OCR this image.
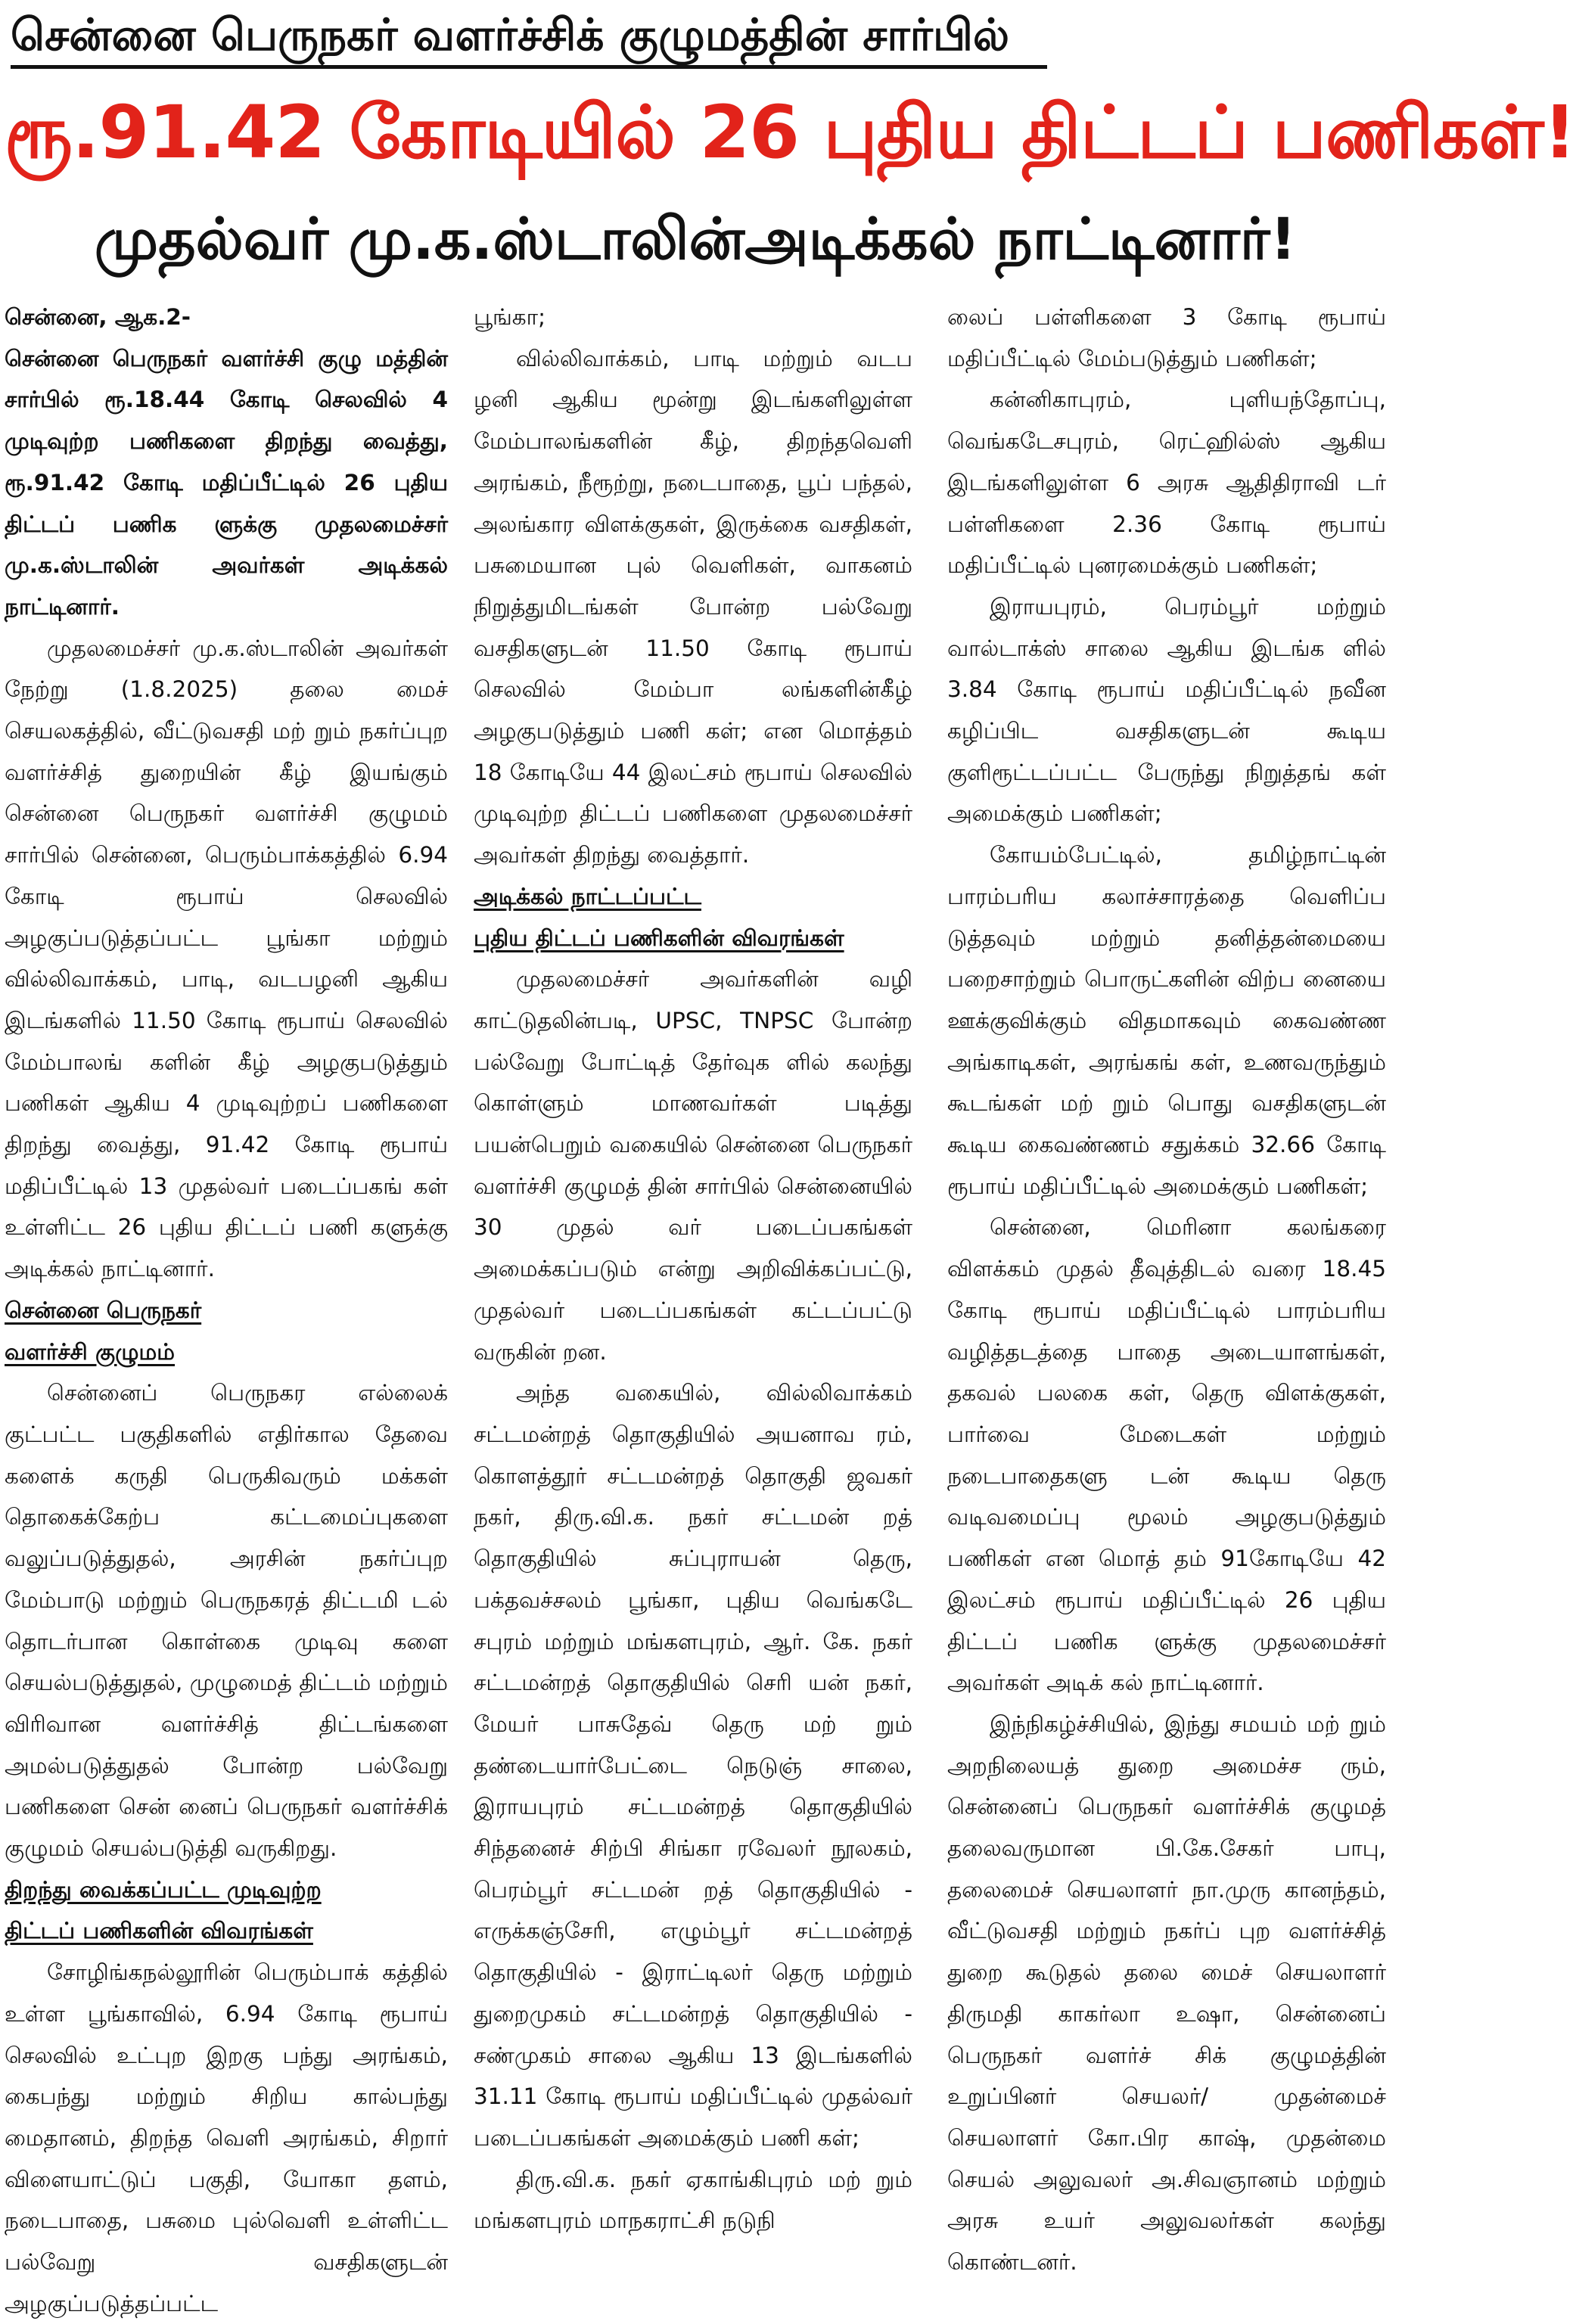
சென்னை பெருநகர் வளர்ச்சிக் குழுமத்தின் சார்பில்
ரூ.91.42 கோடியில் 26 புதிய திட்டப் பணிகள்!
முதல்வர் மு.க.ஸ்டாலின்அடிக்கல் நாட்டினார்!

சென்னை, ஆக.2-

சென்னை பெருநகர் வளர்ச்சி குழு மத்தின் சார்பில் ரூ.18.44 கோடி செலவில் 4 முடிவுற்ற பணிகளை திறந்து வைத்து, ரூ.91.42 கோடி மதிப்பீட்டில் 26 புதிய திட்டப் பணிக ளுக்கு முதலமைச்சர் மு.க.ஸ்டாலின் அவர்கள் அடிக்கல் நாட்டினார்.

முதலமைச்சர் மு.க.ஸ்டாலின் அவர்கள் நேற்று (1.8.2025) தலை மைச் செயலகத்தில், வீட்டுவசதி மற் றும் நகர்ப்புற வளர்ச்சித் துறையின் கீழ் இயங்கும் சென்னை பெருநகர் வளர்ச்சி குழுமம் சார்பில் சென்னை, பெரும்பாக்கத்தில் 6.94 கோடி ரூபாய் செலவில் அழகுப்படுத்தப்பட்ட பூங்கா மற்றும் வில்லிவாக்கம், பாடி, வடபழனி ஆகிய இடங்களில் 11.50 கோடி ரூபாய் செலவில் மேம்பாலங் களின் கீழ் அழகுபடுத்தும் பணிகள் ஆகிய 4 முடிவுற்றப் பணிகளை திறந்து வைத்து, 91.42 கோடி ரூபாய் மதிப்பீட்டில் 13 முதல்வர் படைப்பகங் கள் உள்ளிட்ட 26 புதிய திட்டப் பணி களுக்கு அடிக்கல் நாட்டினார்.

சென்னை பெருநகர்
வளர்ச்சி குழுமம்

சென்னைப் பெருநகர எல்லைக் குட்பட்ட பகுதிகளில் எதிர்கால தேவை களைக் கருதி பெருகிவரும் மக்கள் தொகைக்கேற்ப கட்டமைப்புகளை வலுப்படுத்துதல், அரசின் நகர்ப்புற மேம்பாடு மற்றும் பெருநகரத் திட்டமி டல் தொடர்பான கொள்கை முடிவு களை செயல்படுத்துதல், முழுமைத் திட்டம் மற்றும் விரிவான வளர்ச்சித் திட்டங்களை அமல்படுத்துதல் போன்ற பல்வேறு பணிகளை சென் னைப் பெருநகர் வளர்ச்சிக் குழுமம் செயல்படுத்தி வருகிறது.

திறந்து வைக்கப்பட்ட முடிவுற்ற
திட்டப் பணிகளின் விவரங்கள்

சோழிங்கநல்லூரின் பெரும்பாக் கத்தில் உள்ள பூங்காவில், 6.94 கோடி ரூபாய் செலவில் உட்புற இறகு பந்து அரங்கம், கைபந்து மற்றும் சிறிய கால்பந்து மைதானம், திறந்த வெளி அரங்கம், சிறார் விளையாட்டுப் பகுதி, யோகா தளம், நடைபாதை, பசுமை புல்வெளி உள்ளிட்ட பல்வேறு வசதிகளுடன் அழகுப்படுத்தப்பட்ட

பூங்கா;

வில்லிவாக்கம், பாடி மற்றும் வடப ழனி ஆகிய மூன்று இடங்களிலுள்ள மேம்பாலங்களின் கீழ், திறந்தவெளி அரங்கம், நீரூற்று, நடைபாதை, பூப் பந்தல், அலங்கார விளக்குகள், இருக்கை வசதிகள், பசுமையான புல் வெளிகள், வாகனம் நிறுத்துமிடங்கள் போன்ற பல்வேறு வசதிகளுடன் 11.50 கோடி ரூபாய் செலவில் மேம்பா லங்களின்கீழ் அழகுபடுத்தும் பணி கள்; என மொத்தம் 18 கோடியே 44 இலட்சம் ரூபாய் செலவில் முடிவுற்ற திட்டப் பணிகளை முதலமைச்சர் அவர்கள் திறந்து வைத்தார்.

அடிக்கல் நாட்டப்பட்ட
புதிய திட்டப் பணிகளின் விவரங்கள்

முதலமைச்சர் அவர்களின் வழி காட்டுதலின்படி, UPSC, TNPSC போன்ற பல்வேறு போட்டித் தேர்வுக ளில் கலந்து கொள்ளும் மாணவர்கள் படித்து பயன்பெறும் வகையில் சென்னை பெருநகர் வளர்ச்சி குழுமத் தின் சார்பில் சென்னையில் 30 முதல் வர் படைப்பகங்கள் அமைக்கப்படும் என்று அறிவிக்கப்பட்டு, முதல்வர் படைப்பகங்கள் கட்டப்பட்டு வருகின் றன.

அந்த வகையில், வில்லிவாக்கம் சட்டமன்றத் தொகுதியில் அயனாவ ரம், கொளத்தூர் சட்டமன்றத் தொகுதி ஜவகர் நகர், திரு.வி.க. நகர் சட்டமன் றத் தொகுதியில் சுப்புராயன் தெரு, பக்தவச்சலம் பூங்கா, புதிய வெங்கடே சபுரம் மற்றும் மங்களபுரம், ஆர். கே. நகர் சட்டமன்றத் தொகுதியில் செரி யன் நகர், மேயர் பாசுதேவ் தெரு மற் றும் தண்டையார்பேட்டை நெடுஞ் சாலை, இராயபுரம் சட்டமன்றத் தொகுதியில் சிந்தனைச் சிற்பி சிங்கா ரவேலர் நூலகம், பெரம்பூர் சட்டமன் றத் தொகுதியில் - எருக்கஞ்சேரி, எழும்பூர் சட்டமன்றத் தொகுதியில் - இராட்டிலர் தெரு மற்றும் துறைமுகம் சட்டமன்றத் தொகுதியில் - சண்முகம் சாலை ஆகிய 13 இடங்களில் 31.11 கோடி ரூபாய் மதிப்பீட்டில் முதல்வர் படைப்பகங்கள் அமைக்கும் பணி கள்;

திரு.வி.க. நகர் ஏகாங்கிபுரம் மற் றும் மங்களபுரம் மாநகராட்சி நடுநி

லைப் பள்ளிகளை 3 கோடி ரூபாய் மதிப்பீட்டில் மேம்படுத்தும் பணிகள்;

கன்னிகாபுரம், புளியந்தோப்பு, வெங்கடேசபுரம், ரெட்ஹில்ஸ் ஆகிய இடங்களிலுள்ள 6 அரசு ஆதிதிராவி டர் பள்ளிகளை 2.36 கோடி ரூபாய் மதிப்பீட்டில் புனரமைக்கும் பணிகள்;

இராயபுரம், பெரம்பூர் மற்றும் வால்டாக்ஸ் சாலை ஆகிய இடங்க ளில் 3.84 கோடி ரூபாய் மதிப்பீட்டில் நவீன கழிப்பிட வசதிகளுடன் கூடிய குளிரூட்டப்பட்ட பேருந்து நிறுத்தங் கள் அமைக்கும் பணிகள்;

கோயம்பேட்டில், தமிழ்நாட்டின் பாரம்பரிய கலாச்சாரத்தை வெளிப்ப டுத்தவும் மற்றும் தனித்தன்மையை பறைசாற்றும் பொருட்களின் விற்ப னையை ஊக்குவிக்கும் விதமாகவும் கைவண்ண அங்காடிகள், அரங்கங் கள், உணவருந்தும் கூடங்கள் மற் றும் பொது வசதிகளுடன் கூடிய கைவண்ணம் சதுக்கம் 32.66 கோடி ரூபாய் மதிப்பீட்டில் அமைக்கும் பணிகள்;

சென்னை, மெரினா கலங்கரை விளக்கம் முதல் தீவுத்திடல் வரை 18.45 கோடி ரூபாய் மதிப்பீட்டில் பாரம்பரிய வழித்தடத்தை பாதை அடையாளங்கள், தகவல் பலகை கள், தெரு விளக்குகள், பார்வை மேடைகள் மற்றும் நடைபாதைகளு டன் கூடிய தெரு வடிவமைப்பு மூலம் அழகுபடுத்தும் பணிகள் என மொத் தம் 91கோடியே 42 இலட்சம் ரூபாய் மதிப்பீட்டில் 26 புதிய திட்டப் பணிக ளுக்கு முதலமைச்சர் அவர்கள் அடிக் கல் நாட்டினார்.

இந்நிகழ்ச்சியில், இந்து சமயம் மற் றும் அறநிலையத் துறை அமைச்ச ரும், சென்னைப் பெருநகர் வளர்ச்சிக் குழுமத் தலைவருமான பி.கே.சேகர் பாபு, தலைமைச் செயலாளர் நா.முரு கானந்தம், வீட்டுவசதி மற்றும் நகர்ப் புற வளர்ச்சித் துறை கூடுதல் தலை மைச் செயலாளர் திருமதி காகர்லா உஷா, சென்னைப் பெருநகர் வளர்ச் சிக் குழுமத்தின் உறுப்பினர் செயலர்/ முதன்மைச் செயலாளர் கோ.பிர காஷ், முதன்மை செயல் அலுவலர் அ.சிவஞானம் மற்றும் அரசு உயர் அலுவலர்கள் கலந்து கொண்டனர்.
